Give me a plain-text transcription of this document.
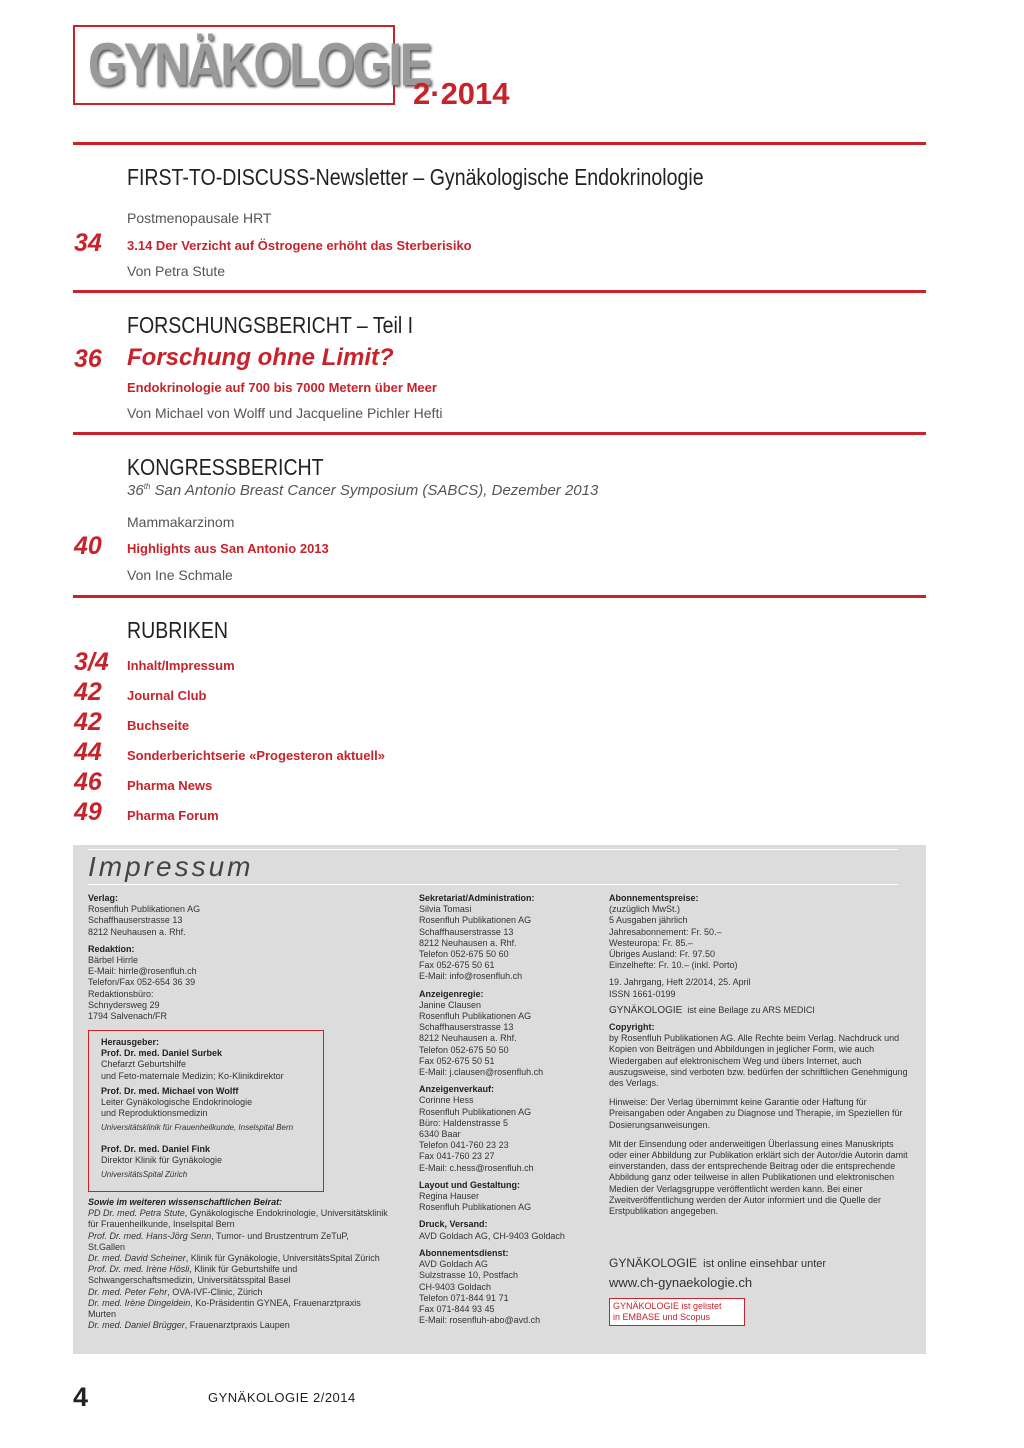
GYNÄKOLOGIE
2·2014
FIRST-TO-DISCUSS-Newsletter – Gynäkologische Endokrinologie
Postmenopausale HRT
34 3.14 Der Verzicht auf Östrogene erhöht das Sterberisiko
Von Petra Stute
FORSCHUNGSBERICHT – Teil I
36 Forschung ohne Limit?
Endokrinologie auf 700 bis 7000 Metern über Meer
Von Michael von Wolff und Jacqueline Pichler Hefti
KONGRESSBERICHT
36th San Antonio Breast Cancer Symposium (SABCS), Dezember 2013
Mammakarzinom
40 Highlights aus San Antonio 2013
Von Ine Schmale
RUBRIKEN
3/4 Inhalt/Impressum
42 Journal Club
42 Buchseite
44 Sonderberichtserie «Progesteron aktuell»
46 Pharma News
49 Pharma Forum
Impressum
Verlag:
Rosenfluh Publikationen AG
Schaffhauserstrasse 13
8212 Neuhausen a. Rhf.
Redaktion:
Bärbel Hirrle
E-Mail: hirrle@rosenfluh.ch
Telefon/Fax 052-654 36 39
Redaktionsbüro:
Schnydersweg 29
1794 Salvenach/FR
Herausgeber:
Prof. Dr. med. Daniel Surbek
Chefarzt Geburtshilfe
und Feto-maternale Medizin; Ko-Klinikdirektor
Prof. Dr. med. Michael von Wolff
Leiter Gynäkologische Endokrinologie
und Reproduktionsmedizin
Universitätsklinik für Frauenheilkunde, Inselspital Bern
Prof. Dr. med. Daniel Fink
Direktor Klinik für Gynäkologie
UniversitätsSpital Zürich
Sowie im weiteren wissenschaftlichen Beirat:
PD Dr. med. Petra Stute, Gynäkologische Endokrinologie, Universitätsklinik für Frauenheilkunde, Inselspital Bern
Prof. Dr. med. Hans-Jörg Senn, Tumor- und Brustzentrum ZeTuP, St.Gallen
Dr. med. David Scheiner, Klinik für Gynäkologie, UniversitätsSpital Zürich
Prof. Dr. med. Irène Hösli, Klinik für Geburtshilfe und Schwangerschaftsmedizin, Universitätsspital Basel
Dr. med. Peter Fehr, OVA-IVF-Clinic, Zürich
Dr. med. Irène Dingeldein, Ko-Präsidentin GYNEA, Frauenarztpraxis Murten
Dr. med. Daniel Brügger, Frauenarztpraxis Laupen
Sekretariat/Administration:
Silvia Tomasi
Rosenfluh Publikationen AG
Schaffhauserstrasse 13
8212 Neuhausen a. Rhf.
Telefon 052-675 50 60
Fax 052-675 50 61
E-Mail: info@rosenfluh.ch
Anzeigenregie:
Janine Clausen
Rosenfluh Publikationen AG
Schaffhauserstrasse 13
8212 Neuhausen a. Rhf.
Telefon 052-675 50 50
Fax 052-675 50 51
E-Mail: j.clausen@rosenfluh.ch
Anzeigenverkauf:
Corinne Hess
Rosenfluh Publikationen AG
Büro: Haldenstrasse 5
6340 Baar
Telefon 041-760 23 23
Fax 041-760 23 27
E-Mail: c.hess@rosenfluh.ch
Layout und Gestaltung:
Regina Hauser
Rosenfluh Publikationen AG
Druck, Versand:
AVD Goldach AG, CH-9403 Goldach
Abonnementsdienst:
AVD Goldach AG
Sulzstrasse 10, Postfach
CH-9403 Goldach
Telefon 071-844 91 71
Fax 071-844 93 45
E-Mail: rosenfluh-abo@avd.ch
Abonnementspreise:
(zuzüglich MwSt.)
5 Ausgaben jährlich
Jahresabonnement: Fr. 50.–
Westeuropa: Fr. 85.–
Übriges Ausland: Fr. 97.50
Einzelhefte: Fr. 10.– (inkl. Porto)
19. Jahrgang, Heft 2/2014, 25. April
ISSN 1661-0199
GYNÄKOLOGIE ist eine Beilage zu ARS MEDICI
Copyright:

by Rosenfluh Publikationen AG. Alle Rechte beim Verlag. Nachdruck und Kopien von Beiträgen und Abbildungen in jeglicher Form, wie auch Wiedergaben auf elektronischem Weg und übers Internet, auch auszugsweise, sind verboten bzw. bedürfen der schriftlichen Genehmigung des Verlags.

Hinweise: Der Verlag übernimmt keine Garantie oder Haftung für Preisangaben oder Angaben zu Diagnose und Therapie, im Speziellen für Dosierungsanweisungen.

Mit der Einsendung oder anderweitigen Überlassung eines Manuskripts oder einer Abbildung zur Publikation erklärt sich der Autor/die Autorin damit einverstanden, dass der entsprechende Beitrag oder die entsprechende Abbildung ganz oder teilweise in allen Publikationen und elektronischen Medien der Verlagsgruppe veröffentlicht werden kann. Bei einer Zweitveröffentlichung werden der Autor informiert und die Quelle der Erstpublikation angegeben.

GYNÄKOLOGIE ist online einsehbar unter
www.ch-gynaekologie.ch
GYNÄKOLOGIE ist gelistet
in EMBASE und Scopus
4	GYNÄKOLOGIE 2/2014
